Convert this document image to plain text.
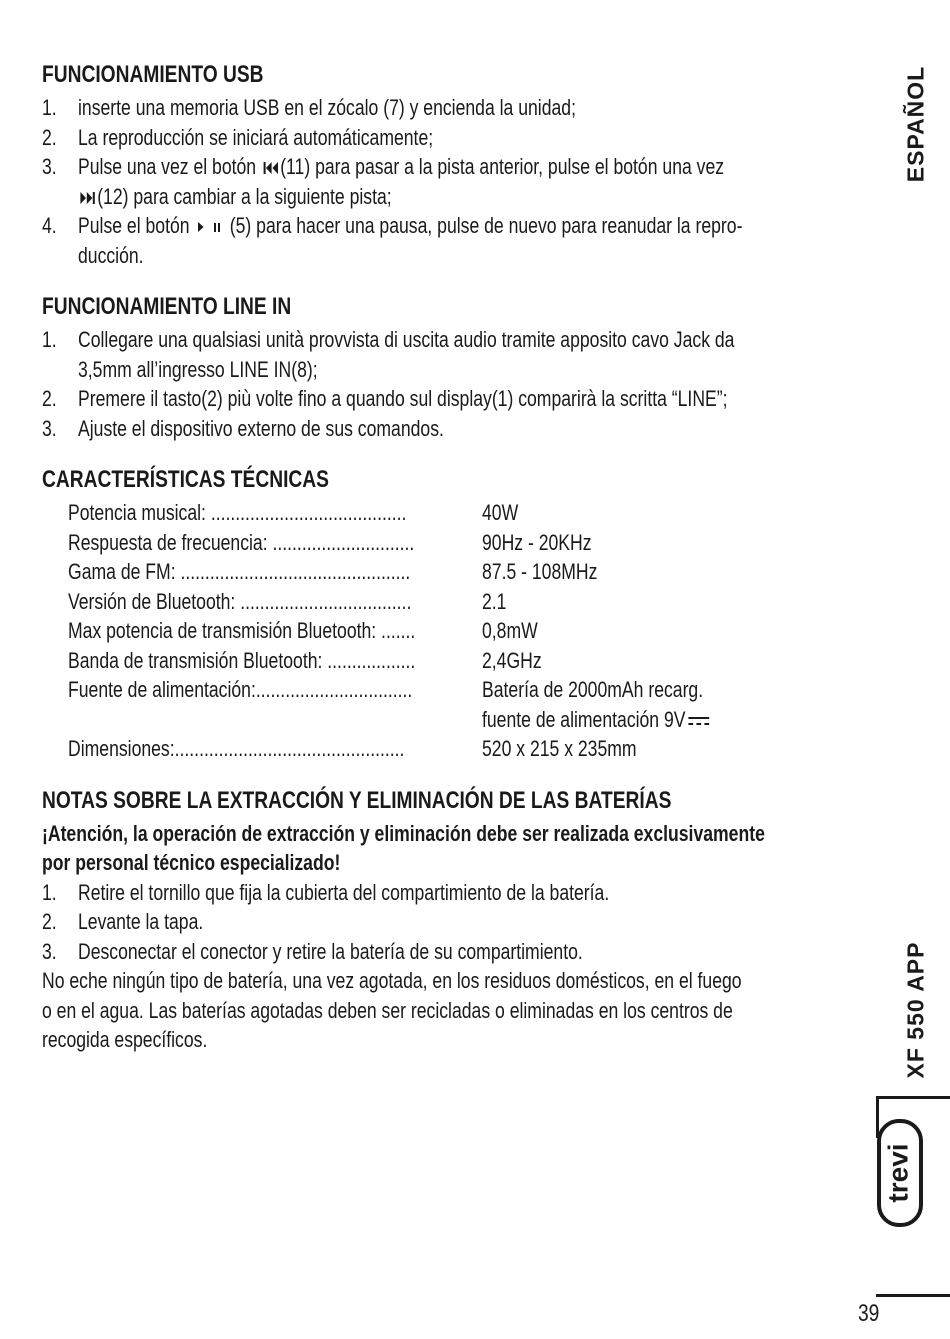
FUNCIONAMIENTO USB
1. inserte una memoria USB en el zócalo (7) y encienda la unidad;
2. La reproducción se iniciará automáticamente;
3. Pulse una vez el botón (11) para pasar a la pista anterior, pulse el botón una vez
(12) para cambiar a la siguiente pista;
4. Pulse el botón (5) para hacer una pausa, pulse de nuevo para reanudar la repro-
ducción.
FUNCIONAMIENTO LINE IN
1. Collegare una qualsiasi unità provvista di uscita audio tramite apposito cavo Jack da
3,5mm all’ingresso LINE IN(8);
2. Premere il tasto(2) più volte fino a quando sul display(1) comparirà la scritta “LINE”;
3. Ajuste el dispositivo externo de sus comandos.
CARACTERÍSTICAS TÉCNICAS
Potencia musical: ........................................	40W
Respuesta de frecuencia: .............................	90Hz - 20KHz
Gama de FM: ...............................................	87.5 - 108MHz
Versión de Bluetooth: ...................................	2.1
Max potencia de transmisión Bluetooth: .......	0,8mW
Banda de transmisión Bluetooth: ..................	2,4GHz
Fuente de alimentación:................................	Batería de 2000mAh recarg.
fuente de alimentación 9V
Dimensiones:...............................................	520 x 215 x 235mm
NOTAS SOBRE LA EXTRACCIÓN Y ELIMINACIÓN DE LAS BATERÍAS
¡Atención, la operación de extracción y eliminación debe ser realizada exclusivamente
por personal técnico especializado!
1. Retire el tornillo que fija la cubierta del compartimiento de la batería.
2. Levante la tapa.
3. Desconectar el conector y retire la batería de su compartimiento.
No eche ningún tipo de batería, una vez agotada, en los residuos domésticos, en el fuego
o en el agua. Las baterías agotadas deben ser recicladas o eliminadas en los centros de
recogida específicos.
ESPAÑOL
XF 550 APP
trevi
39
